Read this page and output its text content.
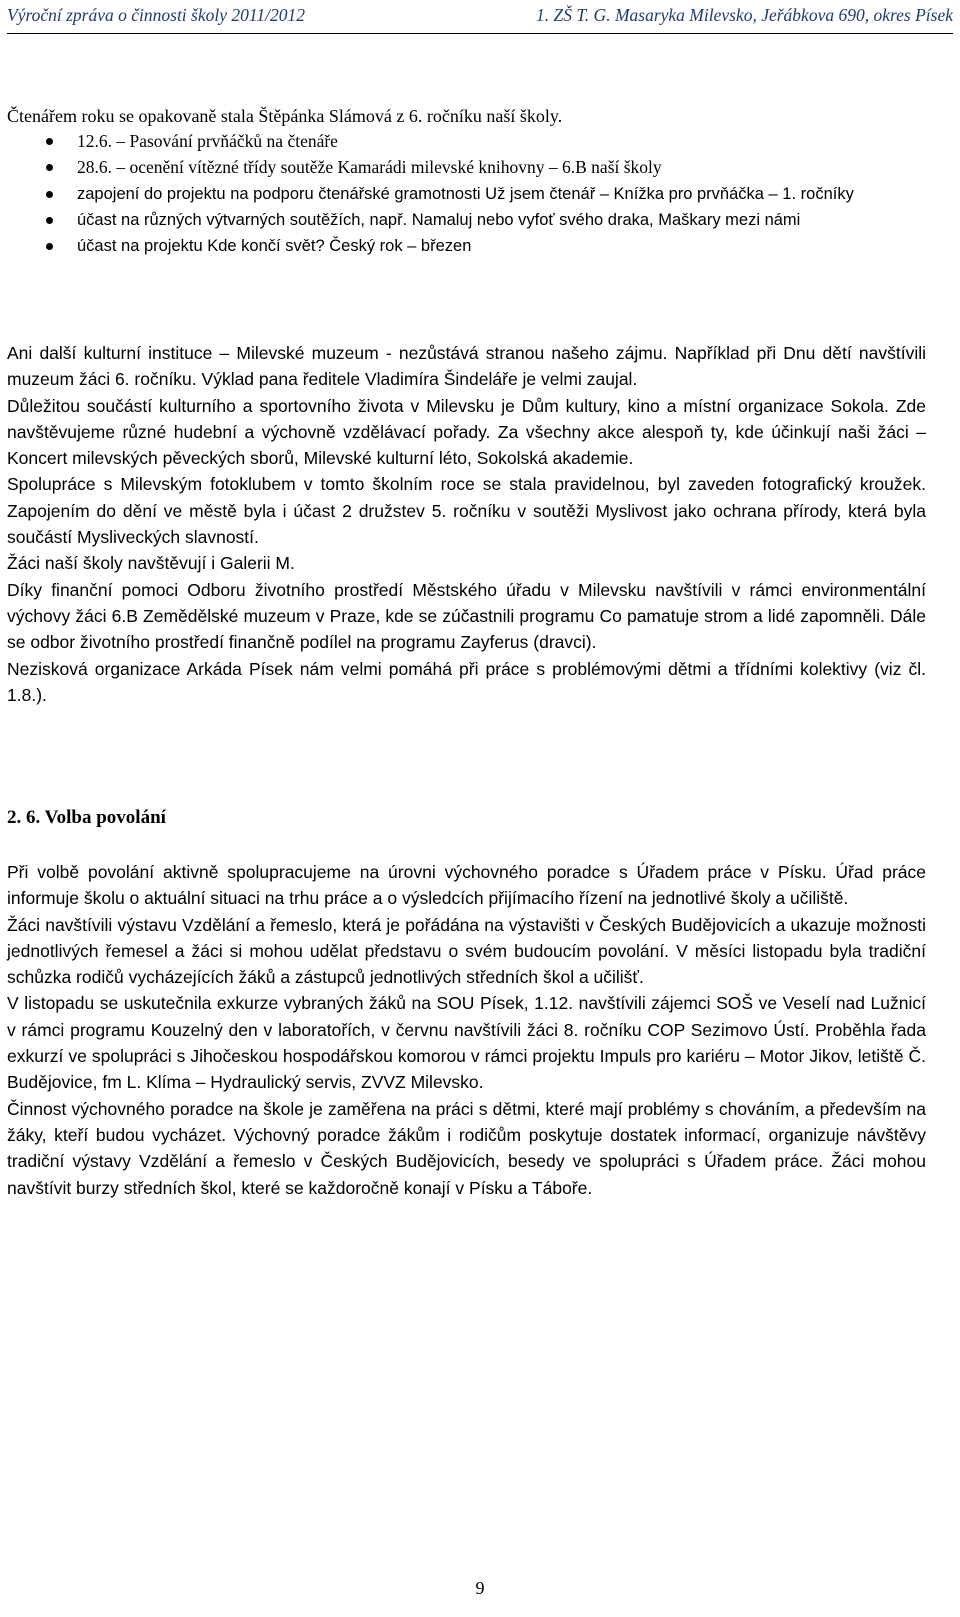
Výroční zpráva o činnosti školy 2011/2012	1. ZŠ T. G. Masaryka Milevsko, Jeřábkova 690, okres Písek
Čtenářem roku se opakovaně stala Štěpánka Slámová z 6. ročníku naší školy.
12.6. – Pasování prvňáčků na čtenáře
28.6. – ocenění vítězné třídy soutěže Kamarádi milevské knihovny – 6.B naší školy
zapojení do projektu na podporu čtenářské gramotnosti Už jsem čtenář – Knížka pro prvňáčka – 1. ročníky
účast na různých výtvarných soutěžích, např. Namaluj nebo vyfoť svého draka, Maškary mezi námi
účast na projektu Kde končí svět? Český rok – březen

Ani další kulturní instituce – Milevské muzeum - nezůstává stranou našeho zájmu. Například při Dnu dětí navštívili muzeum žáci 6. ročníku. Výklad pana ředitele Vladimíra Šindeláře je velmi zaujal.

Důležitou součástí kulturního a sportovního života v Milevsku je Dům kultury, kino a místní organizace Sokola. Zde navštěvujeme různé hudební a výchovně vzdělávací pořady. Za všechny akce alespoň ty, kde účinkují naši žáci – Koncert milevských pěveckých sborů, Milevské kulturní léto, Sokolská akademie.

Spolupráce s Milevským fotoklubem v tomto školním roce se stala pravidelnou, byl zaveden fotografický kroužek. Zapojením do dění ve městě byla i účast 2 družstev 5. ročníku v soutěži Myslivost jako ochrana přírody, která byla součástí Mysliveckých slavností.

Žáci naší školy navštěvují i Galerii M.

Díky finanční pomoci Odboru životního prostředí Městského úřadu v Milevsku navštívili v rámci environmentální výchovy žáci 6.B Zemědělské muzeum v Praze, kde se zúčastnili programu Co pamatuje strom a lidé zapomněli. Dále se odbor životního prostředí finančně podílel na programu Zayferus (dravci).

Nezisková organizace Arkáda Písek nám velmi pomáhá při práce s problémovými dětmi a třídními kolektivy (viz čl. 1.8.).

2. 6. Volba povolání

Při volbě povolání aktivně spolupracujeme na úrovni výchovného poradce s Úřadem práce v Písku. Úřad práce informuje školu o aktuální situaci na trhu práce a o výsledcích přijímacího řízení na jednotlivé školy a učiliště.

Žáci navštívili výstavu Vzdělání a řemeslo, která je pořádána na výstavišti v Českých Budějovicích a ukazuje možnosti jednotlivých řemesel a žáci si mohou udělat představu o svém budoucím povolání. V měsíci listopadu byla tradiční schůzka rodičů vycházejících žáků a zástupců jednotlivých středních škol a učilišť.

V listopadu se uskutečnila exkurze vybraných žáků na SOU Písek, 1.12. navštívili zájemci SOŠ ve Veselí nad Lužnicí v rámci programu Kouzelný den v laboratořích, v červnu navštívili žáci 8. ročníku COP Sezimovo Ústí. Proběhla řada exkurzí ve spolupráci s Jihočeskou hospodářskou komorou v rámci projektu Impuls pro kariéru – Motor Jikov, letiště Č. Budějovice, fm L. Klíma – Hydraulický servis, ZVVZ Milevsko.

Činnost výchovného poradce na škole je zaměřena na práci s dětmi, které mají problémy s chováním, a především na žáky, kteří budou vycházet. Výchovný poradce žákům i rodičům poskytuje dostatek informací, organizuje návštěvy tradiční výstavy Vzdělání a řemeslo v Českých Budějovicích, besedy ve spolupráci s Úřadem práce. Žáci mohou navštívit burzy středních škol, které se každoročně konají v Písku a Táboře.

9
